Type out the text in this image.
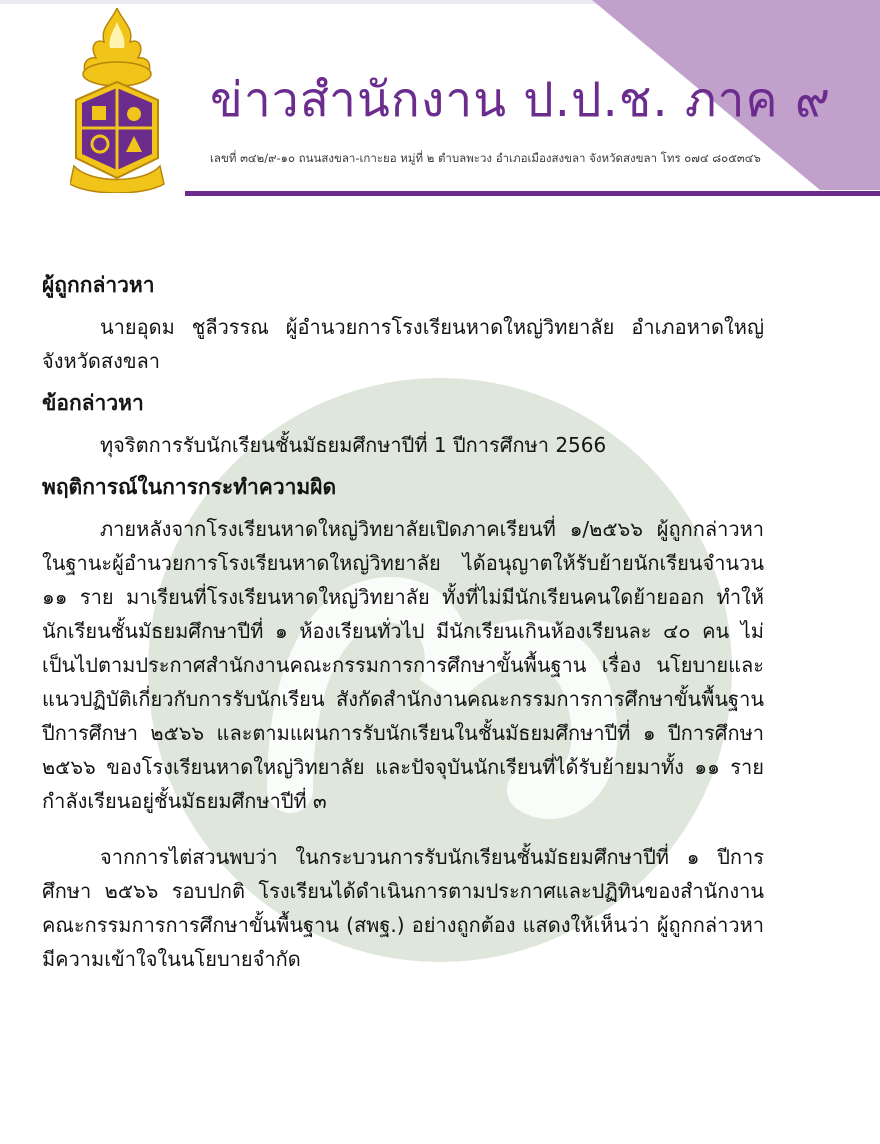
ข่าวสำนักงาน ป.ป.ช. ภาค ๙

เลขที่ ๓๔๒/๙-๑๐ ถนนสงขลา-เกาะยอ หมู่ที่ ๒ ตำบลพะวง อำเภอเมืองสงขลา จังหวัดสงขลา โทร ๐๗๔ ๘๐๕๓๔๖

ผู้ถูกกล่าวหา

นายอุดม ชูลีวรรณ ผู้อำนวยการโรงเรียนหาดใหญ่วิทยาลัย อำเภอหาดใหญ่ จังหวัดสงขลา

ข้อกล่าวหา

ทุจริตการรับนักเรียนชั้นมัธยมศึกษาปีที่ 1 ปีการศึกษา 2566

พฤติการณ์ในการกระทำความผิด

ภายหลังจากโรงเรียนหาดใหญ่วิทยาลัยเปิดภาคเรียนที่ ๑/๒๕๖๖ ผู้ถูกกล่าวหาในฐานะผู้อำนวยการโรงเรียนหาดใหญ่วิทยาลัย ได้อนุญาตให้รับย้ายนักเรียนจำนวน ๑๑ ราย มาเรียนที่โรงเรียนหาดใหญ่วิทยาลัย ทั้งที่ไม่มีนักเรียนคนใดย้ายออก ทำให้นักเรียนชั้นมัธยมศึกษาปีที่ ๑ ห้องเรียนทั่วไป มีนักเรียนเกินห้องเรียนละ ๔๐ คน ไม่เป็นไปตามประกาศสำนักงานคณะกรรมการการศึกษาขั้นพื้นฐาน เรื่อง นโยบายและแนวปฏิบัติเกี่ยวกับการรับนักเรียน สังกัดสำนักงานคณะกรรมการการศึกษาขั้นพื้นฐาน ปีการศึกษา ๒๕๖๖ และตามแผนการรับนักเรียนในชั้นมัธยมศึกษาปีที่ ๑ ปีการศึกษา ๒๕๖๖ ของโรงเรียนหาดใหญ่วิทยาลัย และปัจจุบันนักเรียนที่ได้รับย้ายมาทั้ง ๑๑ ราย กำลังเรียนอยู่ชั้นมัธยมศึกษาปีที่ ๓

จากการไต่สวนพบว่า ในกระบวนการรับนักเรียนชั้นมัธยมศึกษาปีที่ ๑ ปีการศึกษา ๒๕๖๖ รอบปกติ โรงเรียนได้ดำเนินการตามประกาศและปฏิทินของสำนักงานคณะกรรมการการศึกษาขั้นพื้นฐาน (สพฐ.) อย่างถูกต้อง แสดงให้เห็นว่า ผู้ถูกกล่าวหามีความเข้าใจในนโยบายจำกัด
